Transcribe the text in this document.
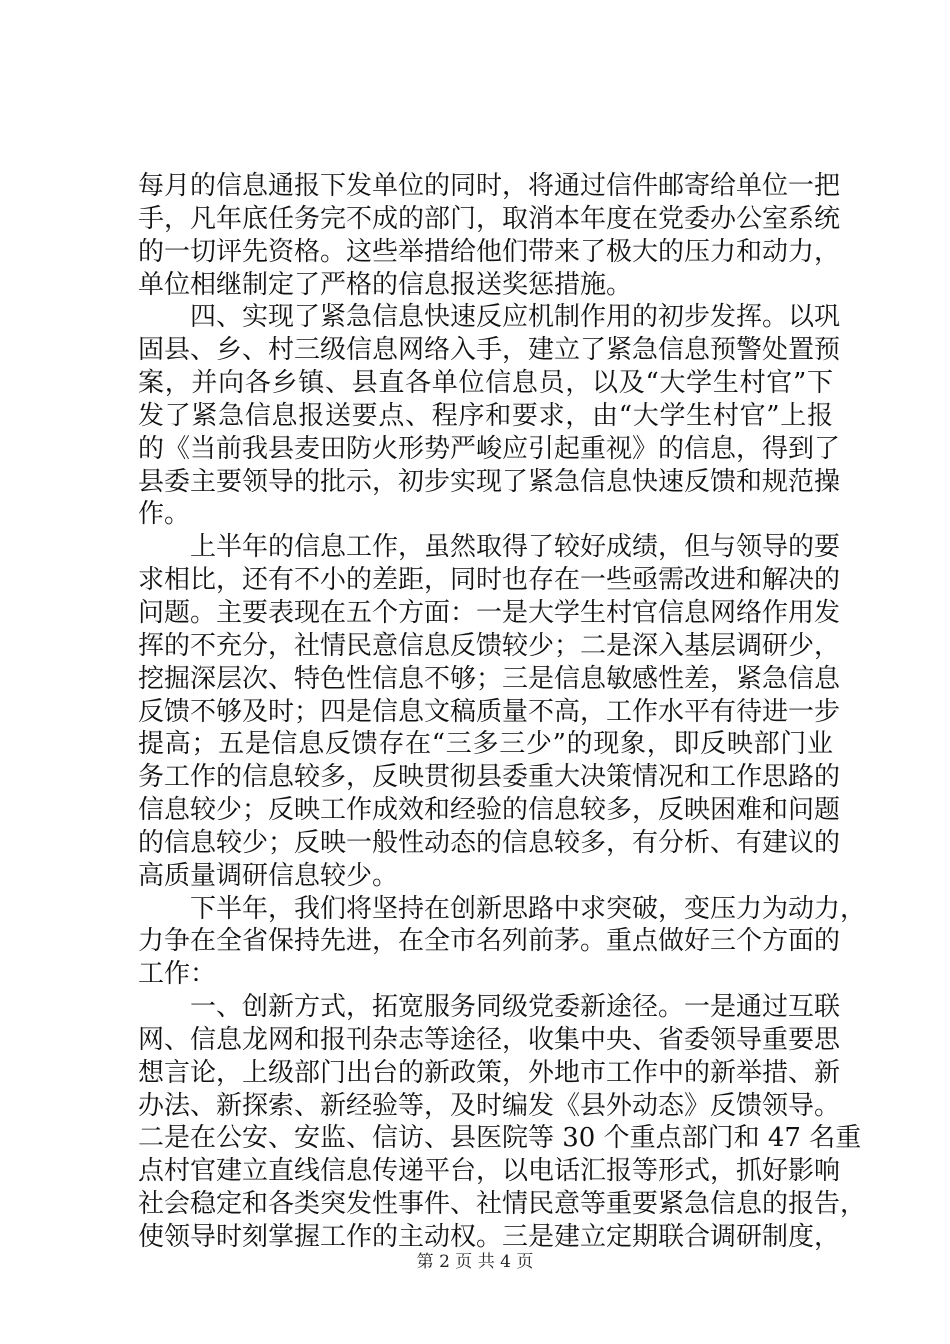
每月的信息通报下发单位的同时，将通过信件邮寄给单位一把
手，凡年底任务完不成的部门，取消本年度在党委办公室系统
的一切评先资格。这些举措给他们带来了极大的压力和动力，
单位相继制定了严格的信息报送奖惩措施。
四、实现了紧急信息快速反应机制作用的初步发挥。以巩
固县、乡、村三级信息网络入手，建立了紧急信息预警处置预
案，并向各乡镇、县直各单位信息员，以及“大学生村官”下
发了紧急信息报送要点、程序和要求，由“大学生村官”上报
的《当前我县麦田防火形势严峻应引起重视》的信息，得到了
县委主要领导的批示，初步实现了紧急信息快速反馈和规范操
作。
上半年的信息工作，虽然取得了较好成绩，但与领导的要
求相比，还有不小的差距，同时也存在一些亟需改进和解决的
问题。主要表现在五个方面：一是大学生村官信息网络作用发
挥的不充分，社情民意信息反馈较少；二是深入基层调研少，
挖掘深层次、特色性信息不够；三是信息敏感性差，紧急信息
反馈不够及时；四是信息文稿质量不高，工作水平有待进一步
提高；五是信息反馈存在“三多三少”的现象，即反映部门业
务工作的信息较多，反映贯彻县委重大决策情况和工作思路的
信息较少；反映工作成效和经验的信息较多，反映困难和问题
的信息较少；反映一般性动态的信息较多，有分析、有建议的
高质量调研信息较少。
下半年，我们将坚持在创新思路中求突破，变压力为动力，
力争在全省保持先进，在全市名列前茅。重点做好三个方面的
工作：
一、创新方式，拓宽服务同级党委新途径。一是通过互联
网、信息龙网和报刊杂志等途径，收集中央、省委领导重要思
想言论，上级部门出台的新政策，外地市工作中的新举措、新
办法、新探索、新经验等，及时编发《县外动态》反馈领导。
二是在公安、安监、信访、县医院等 30 个重点部门和 47 名重
点村官建立直线信息传递平台，以电话汇报等形式，抓好影响
社会稳定和各类突发性事件、社情民意等重要紧急信息的报告，
使领导时刻掌握工作的主动权。三是建立定期联合调研制度，
第 2 页 共 4 页
